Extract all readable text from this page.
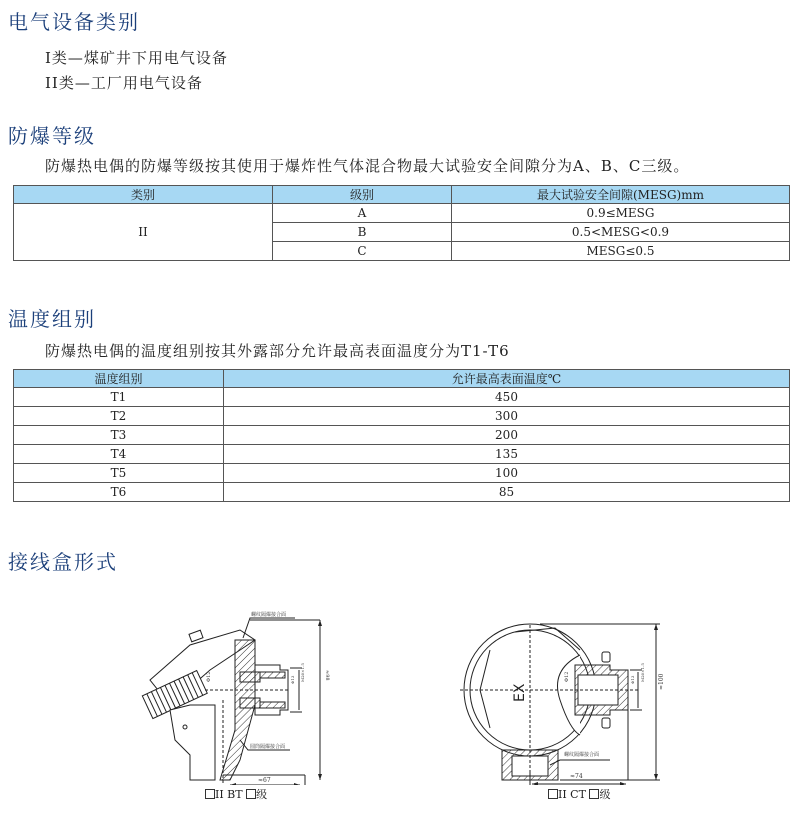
电气设备类别
I类—煤矿井下用电气设备
II类—工厂用电气设备
防爆等级
防爆热电偶的防爆等级按其使用于爆炸性气体混合物最大试验安全间隙分为A、B、C三级。
类别	级别	最大试验安全间隙(MESG)mm
II	A	0.9≤MESG
	B	0.5<MESG<0.9
	C	MESG≤0.5
温度组别
防爆热电偶的温度组别按其外露部分允许最高表面温度分为T1-T6
温度组别	允许最高表面温度℃
T1	450
T2	300
T3	200
T4	135
T5	100
T6	85
接线盒形式
螺纹隔爆接合面
圆筒隔爆接合面
≈67
≈98
Φ12	Φ13 M20×1.5
II BT 级
EX
螺纹隔爆接合面
≈74
≈100
Φ12	Φ13 M20×1.5
II CT 级
